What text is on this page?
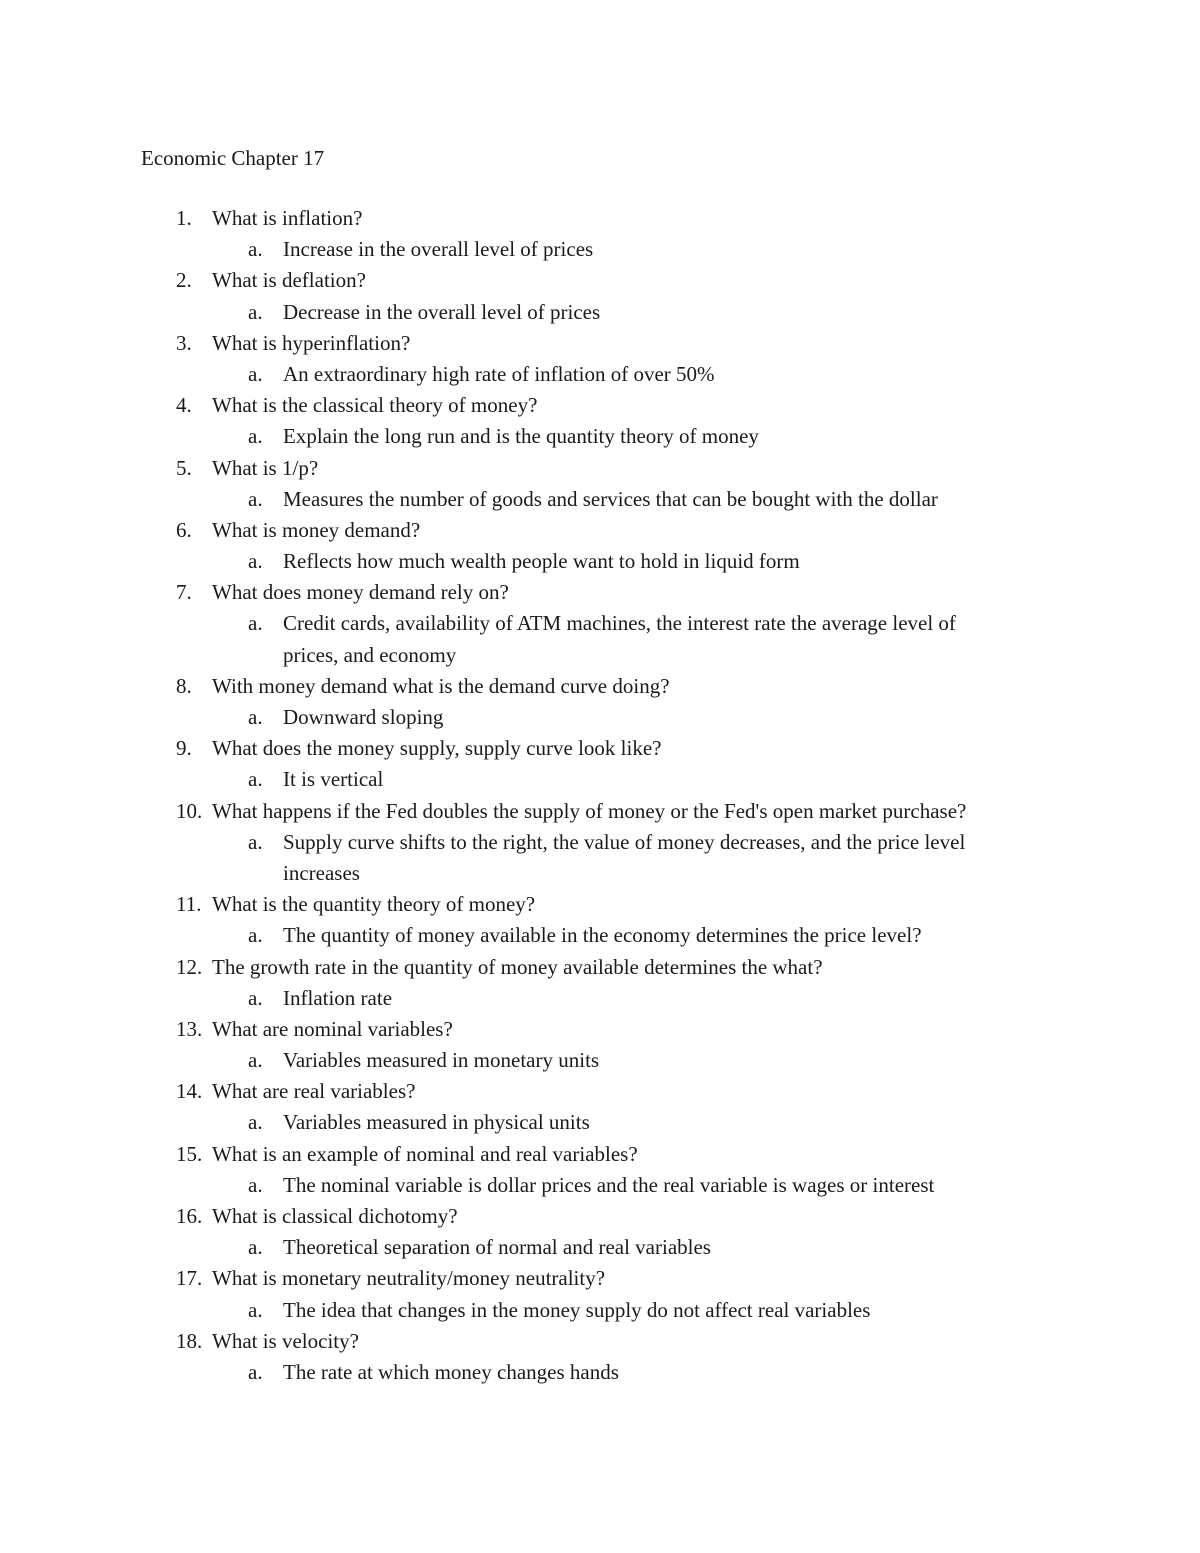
Economic Chapter 17
1. What is inflation?
a. Increase in the overall level of prices
2. What is deflation?
a. Decrease in the overall level of prices
3. What is hyperinflation?
a. An extraordinary high rate of inflation of over 50%
4. What is the classical theory of money?
a. Explain the long run and is the quantity theory of money
5. What is 1/p?
a. Measures the number of goods and services that can be bought with the dollar
6. What is money demand?
a. Reflects how much wealth people want to hold in liquid form
7. What does money demand rely on?
a. Credit cards, availability of ATM machines, the interest rate the average level of
prices, and economy
8. With money demand what is the demand curve doing?
a. Downward sloping
9. What does the money supply, supply curve look like?
a. It is vertical
10. What happens if the Fed doubles the supply of money or the Fed's open market purchase?
a. Supply curve shifts to the right, the value of money decreases, and the price level
increases
11. What is the quantity theory of money?
a. The quantity of money available in the economy determines the price level?
12. The growth rate in the quantity of money available determines the what?
a. Inflation rate
13. What are nominal variables?
a. Variables measured in monetary units
14. What are real variables?
a. Variables measured in physical units
15. What is an example of nominal and real variables?
a. The nominal variable is dollar prices and the real variable is wages or interest
16. What is classical dichotomy?
a. Theoretical separation of normal and real variables
17. What is monetary neutrality/money neutrality?
a. The idea that changes in the money supply do not affect real variables
18. What is velocity?
a. The rate at which money changes hands
